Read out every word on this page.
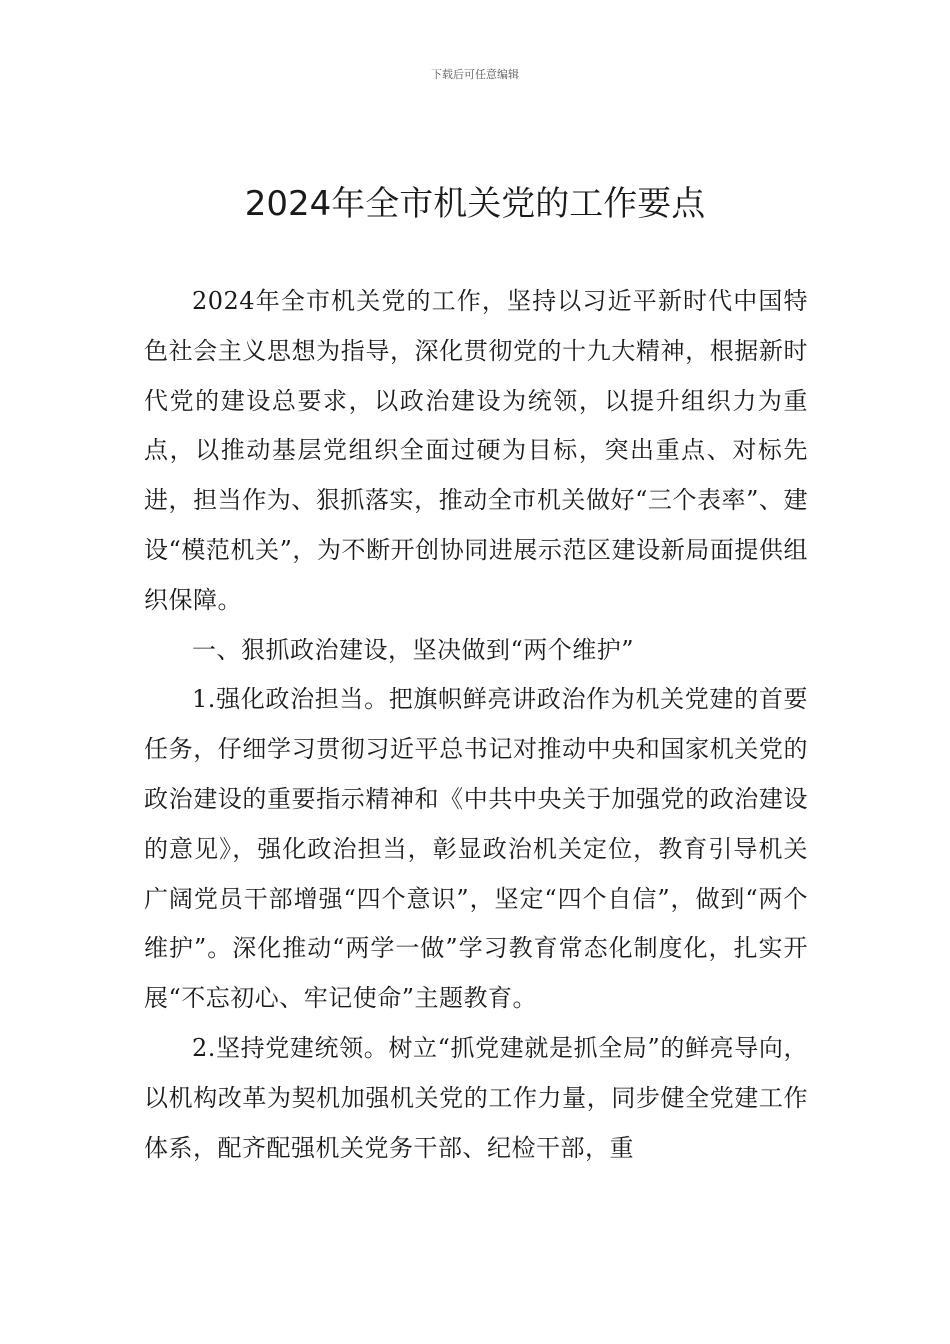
下载后可任意编辑
2024年全市机关党的工作要点

2024年全市机关党的工作，坚持以习近平新时代中国特色社会主义思想为指导，深化贯彻党的十九大精神，根据新时代党的建设总要求，以政治建设为统领，以提升组织力为重点，以推动基层党组织全面过硬为目标，突出重点、对标先进，担当作为、狠抓落实，推动全市机关做好“三个表率”、建设“模范机关”，为不断开创协同进展示范区建设新局面提供组织保障。

一、狠抓政治建设，坚决做到“两个维护”

1.强化政治担当。把旗帜鲜亮讲政治作为机关党建的首要任务，仔细学习贯彻习近平总书记对推动中央和国家机关党的政治建设的重要指示精神和《中共中央关于加强党的政治建设的意见》，强化政治担当，彰显政治机关定位，教育引导机关广阔党员干部增强“四个意识”，坚定“四个自信”，做到“两个维护”。深化推动“两学一做”学习教育常态化制度化，扎实开展“不忘初心、牢记使命”主题教育。

2.坚持党建统领。树立“抓党建就是抓全局”的鲜亮导向，以机构改革为契机加强机关党的工作力量，同步健全党建工作体系，配齐配强机关党务干部、纪检干部，重
